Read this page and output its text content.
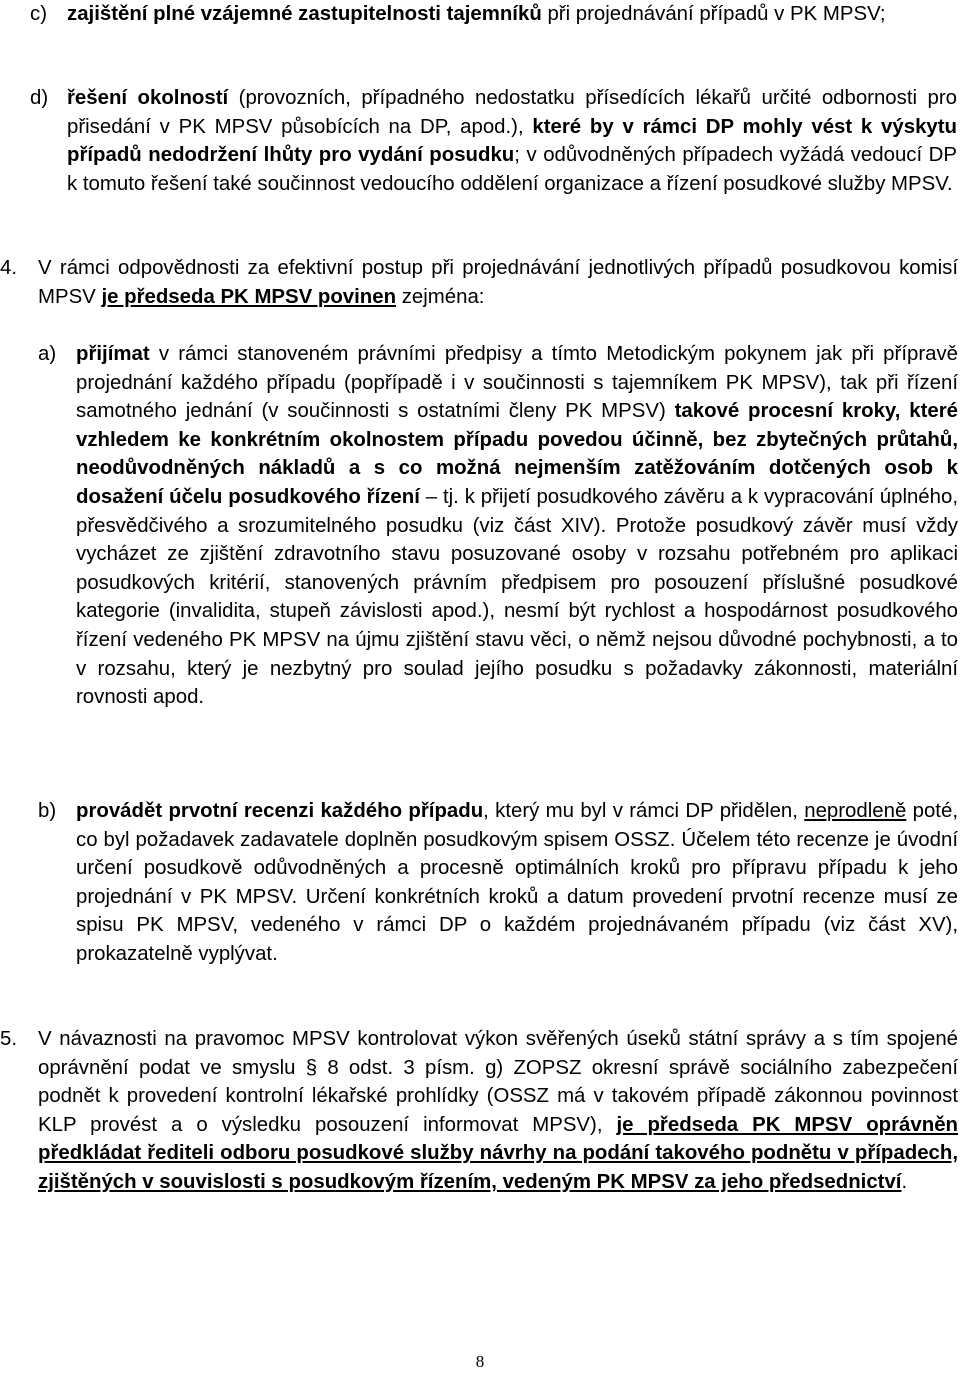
c) zajištění plné vzájemné zastupitelnosti tajemníků při projednávání případů v PK MPSV;

d) řešení okolností (provozních, případného nedostatku přísedících lékařů určité odbornosti pro přisedání v PK MPSV působících na DP, apod.), které by v rámci DP mohly vést k výskytu případů nedodržení lhůty pro vydání posudku; v odůvodněných případech vyžádá vedoucí DP k tomuto řešení také součinnost vedoucího oddělení organizace a řízení posudkové služby MPSV.

4. V rámci odpovědnosti za efektivní postup při projednávání jednotlivých případů posudkovou komisí MPSV je předseda PK MPSV povinen zejména:

a) přijímat v rámci stanoveném právními předpisy a tímto Metodickým pokynem jak při přípravě projednání každého případu (popřípadě i v součinnosti s tajemníkem PK MPSV), tak při řízení samotného jednání (v součinnosti s ostatními členy PK MPSV) takové procesní kroky, které vzhledem ke konkrétním okolnostem případu povedou účinně, bez zbytečných průtahů, neodůvodněných nákladů a s co možná nejmenším zatěžováním dotčených osob k dosažení účelu posudkového řízení – tj. k přijetí posudkového závěru a k vypracování úplného, přesvědčivého a srozumitelného posudku (viz část XIV). Protože posudkový závěr musí vždy vycházet ze zjištění zdravotního stavu posuzované osoby v rozsahu potřebném pro aplikaci posudkových kritérií, stanovených právním předpisem pro posouzení příslušné posudkové kategorie (invalidita, stupeň závislosti apod.), nesmí být rychlost a hospodárnost posudkového řízení vedeného PK MPSV na újmu zjištění stavu věci, o němž nejsou důvodné pochybnosti, a to v rozsahu, který je nezbytný pro soulad jejího posudku s požadavky zákonnosti, materiální rovnosti apod.

b) provádět prvotní recenzi každého případu, který mu byl v rámci DP přidělen, neprodleně poté, co byl požadavek zadavatele doplněn posudkovým spisem OSSZ. Účelem této recenze je úvodní určení posudkově odůvodněných a procesně optimálních kroků pro přípravu případu k jeho projednání v PK MPSV. Určení konkrétních kroků a datum provedení prvotní recenze musí ze spisu PK MPSV, vedeného v rámci DP o každém projednávaném případu (viz část XV), prokazatelně vyplývat.

5. V návaznosti na pravomoc MPSV kontrolovat výkon svěřených úseků státní správy a s tím spojené oprávnění podat ve smyslu § 8 odst. 3 písm. g) ZOPSZ okresní správě sociálního zabezpečení podnět k provedení kontrolní lékařské prohlídky (OSSZ má v takovém případě zákonnou povinnost KLP provést a o výsledku posouzení informovat MPSV), je předseda PK MPSV oprávněn předkládat řediteli odboru posudkové služby návrhy na podání takového podnětu v případech, zjištěných v souvislosti s posudkovým řízením, vedeným PK MPSV za jeho předsednictví.

8
